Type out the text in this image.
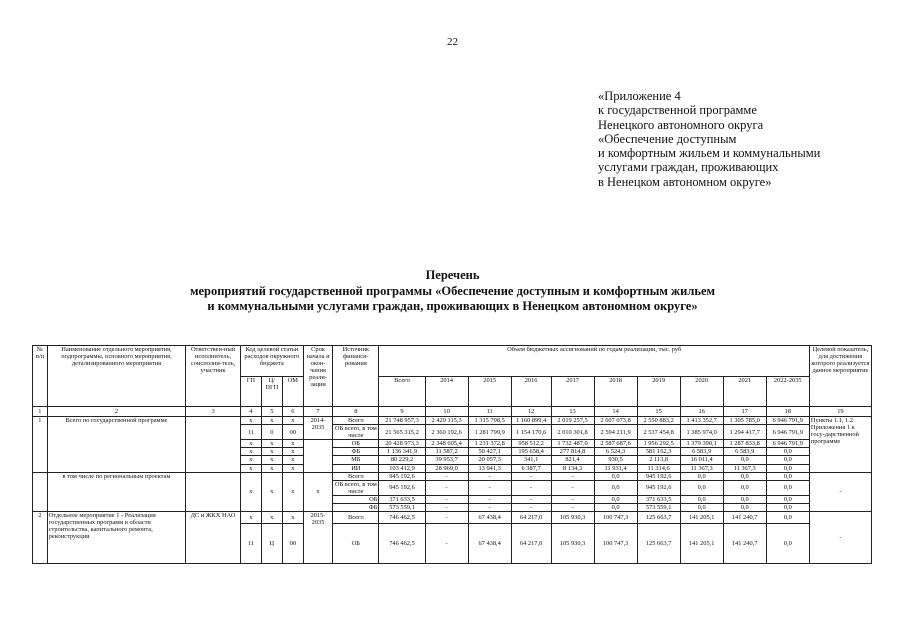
22
«Приложение 4
к государственной программе
Ненецкого автономного округа
«Обеспечение доступным
и комфортным жильем и коммунальными
услугами граждан, проживающих
в Ненецком автономном округе»
Перечень
мероприятий государственной программы «Обеспечение доступным и комфортным жильем
и коммунальными услугами граждан, проживающих в Ненецком автономном округе»
№ п/п	Наименование отдельного мероприятия, подпрограммы, основного мероприятия, детализированного мероприятия	Ответствен-ный исполнитель, соисполни-тель, участник	Код целевой статьи расходов окружного бюджета			Срок начала и окон-чания реали-зации	Источник финанси-рования	Объем бюджетных ассигнований по годам реализации, тыс. руб										Целевой показатель, для достижения которого реализуется данное мероприятие
			ГП	Ц/ПГП	ОМ			Всего	2014	2015	2016	2017	2018	2019	2020	2021	2022-2035	

1	2	3	4	5	6	7	8	9	10	11	12	13	14	15	16	17	18	19
1	Всего по государственной программе		х	х	х	2014-2035	Всего	21 748 957,3	2 429 115,3	1 315 798,5	1 160 899,4	2 019 257,5	2 607 073,8	2 550 883,2	1 413 352,7	1 305 785,0	6 946 791,9	Пункты 1.1, 1.2 Приложения 1 к госу-дарственной программе
			11	0	00		ОБ всего, в том числе	21 565 315,2	2 360 192,6	1 281 799,9	1 154 170,6	2 010 301,8	2 594 211,9	2 537 454,8	1 385 974,0	1 294 417,7	6 946 791,9	
			х	х	х		ОБ	20 428 973,3	2 348 605,4	1 231 372,8	958 512,2	1 732 487,0	2 587 687,6	1 956 292,5	1 379 390,1	1 287 833,8	6 946 791,9	
			х	х	х		ФБ	1 136 341,9	11 587,2	50 427,1	195 658,4	277 814,8	6 524,3	581 162,3	6 583,9	6 583,9	0,0	
			х	х	х		МБ	80 229,2	39 953,7	20 057,3	341,1	821,4	930,5	2 113,8	16 011,4	0,0	0,0	
			х	х	х		ИИ	103 412,9	28 969,0	13 941,3	6 387,7	8 134,3	11 931,4	11 314,6	11 367,3	11 367,3	0,0	
	в том числе по региональным проектам		х	х	х	х	Всего	945 192,6	-	-	-	-	0,0	945 192,6	0,0	0,0	0,0	-
							ОБ всего, в том числе	945 192,6	-	-	-	-	0,0	945 192,6	0,0	0,0	0,0	
							ОБ	371 633,5	-	-	-	-	0,0	371 633,5	0,0	0,0	0,0	
							ФБ	573 559,1	-	-	-	-	0,0	573 559,1	0,0	0,0	0,0	
2	Отдельное мероприятие 1 - Реализация государственных программ в области строительства, капитального ремонта, реконструкции	ДС и ЖКХ НАО	х	х	х	2015-2035	Всего	746 462,5	-	67 438,4	64 217,0	105 930,3	100 747,3	125 663,7	141 205,1	141 240,7	0,0	-
			11	Ц	00		ОБ	746 462,5	-	67 438,4	64 217,0	105 930,3	100 747,3	125 663,7	141 205,1	141 240,7	0,0	
